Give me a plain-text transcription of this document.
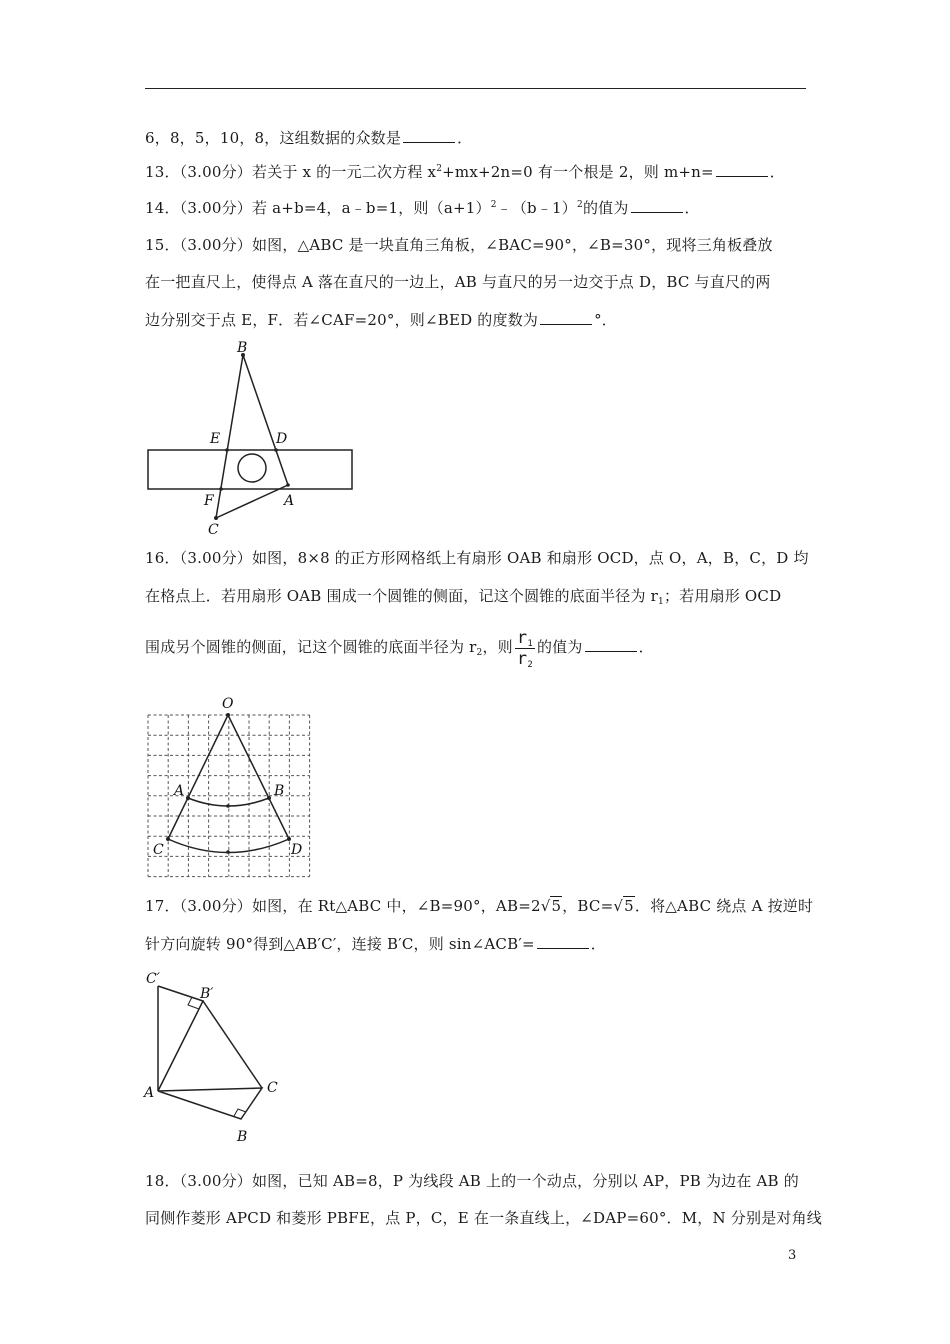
6，8，5，10，8，这组数据的众数是	．
13．（3.00分）若关于 x 的一元二次方程 $x^2+mx+2n=0$ 有一个根是 2，则 m+n=	．
14．（3.00分）若 a+b=4，a﹣b=1，则$(a+1)^2﹣(b﹣1)^2$的值为	．
15．（3.00分）如图，△ABC 是一块直角三角板，∠BAC=90°，∠B=30°，现将三角板叠放
在一把直尺上，使得点 A 落在直尺的一边上，AB 与直尺的另一边交于点 D，BC 与直尺的两
边分别交于点 E，F．若∠CAF=20°，则∠BED 的度数为	°．
B
E	D
F	A
C
16．（3.00分）如图，8×8 的正方形网格纸上有扇形 OAB 和扇形 OCD，点 O，A，B，C，D 均
在格点上．若用扇形 OAB 围成一个圆锥的侧面，记这个圆锥的底面半径为 $r_1$；若用扇形 OCD
围成另个圆锥的侧面，记这个圆锥的底面半径为 $r_2$，则 $\frac{r_1}{r_2}$ 的值为	．
O
A	B
C	D
17．（3.00分）如图，在 Rt△ABC 中，∠B=90°，AB=2√5，BC=√5．将△ABC 绕点 A 按逆时
针方向旋转 90°得到△AB′C′，连接 B′C，则 sin∠ACB′=	．
C′
B′
A	C
B
18．（3.00分）如图，已知 AB=8，P 为线段 AB 上的一个动点，分别以 AP，PB 为边在 AB 的
同侧作菱形 APCD 和菱形 PBFE，点 P，C，E 在一条直线上，∠DAP=60°．M，N 分别是对角线
3
